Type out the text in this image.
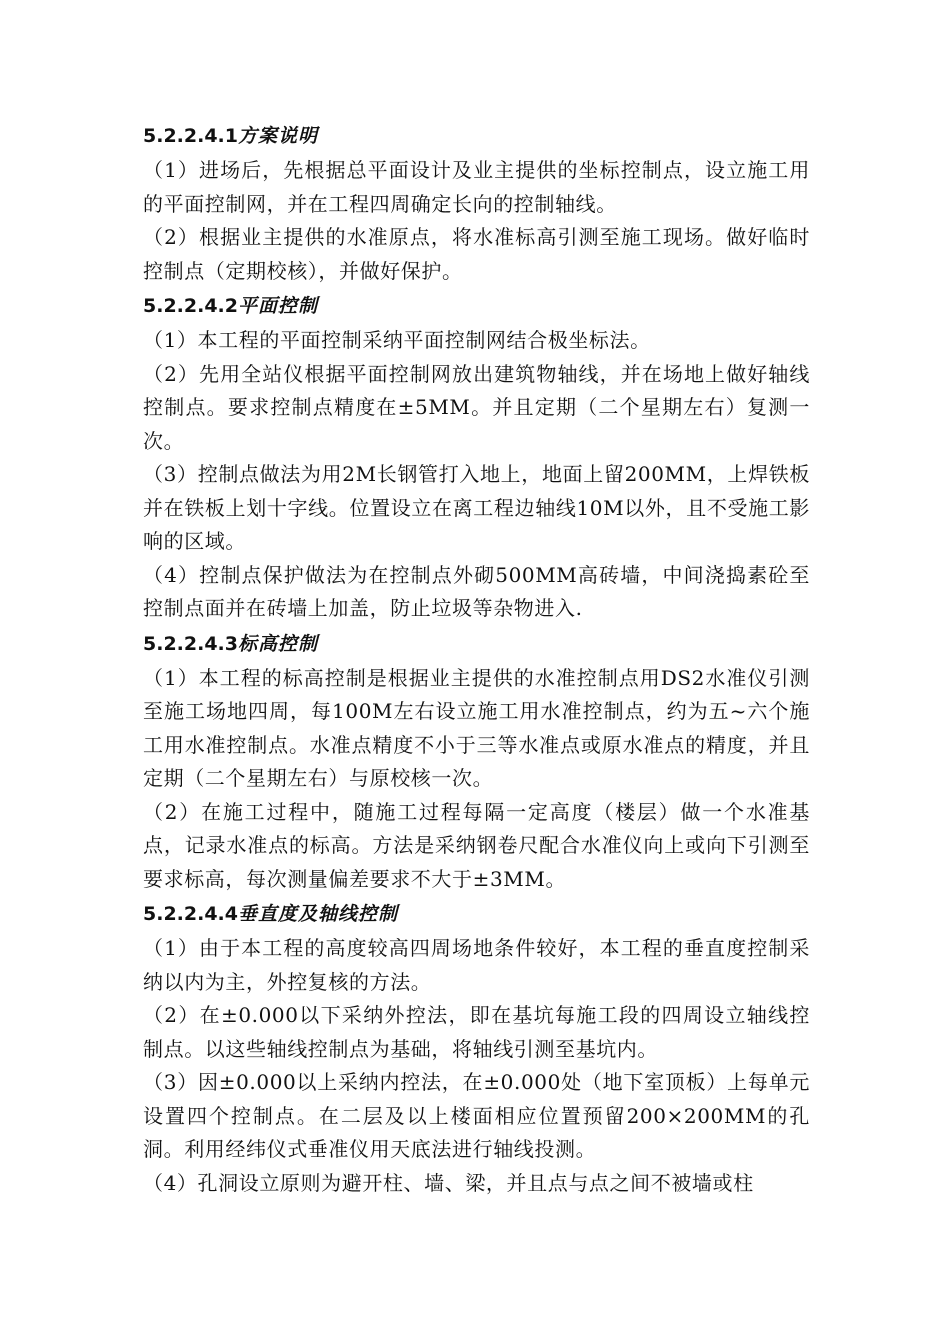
5.2.2.4.1方案说明

（1）进场后，先根据总平面设计及业主提供的坐标控制点，设立施工用的平面控制网，并在工程四周确定长向的控制轴线。

（2）根据业主提供的水准原点，将水准标高引测至施工现场。做好临时控制点（定期校核），并做好保护。

5.2.2.4.2平面控制

（1）本工程的平面控制采纳平面控制网结合极坐标法。

（2）先用全站仪根据平面控制网放出建筑物轴线，并在场地上做好轴线控制点。要求控制点精度在±5MM。并且定期（二个星期左右）复测一次。

（3）控制点做法为用2M长钢管打入地上，地面上留200MM，上焊铁板并在铁板上划十字线。位置设立在离工程边轴线10M以外，且不受施工影响的区域。

（4）控制点保护做法为在控制点外砌500MM高砖墙，中间浇捣素砼至控制点面并在砖墙上加盖，防止垃圾等杂物进入.

5.2.2.4.3标高控制

（1）本工程的标高控制是根据业主提供的水准控制点用DS2水准仪引测至施工场地四周，每100M左右设立施工用水准控制点，约为五~六个施工用水准控制点。水准点精度不小于三等水准点或原水准点的精度，并且定期（二个星期左右）与原校核一次。

（2）在施工过程中，随施工过程每隔一定高度（楼层）做一个水准基点，记录水准点的标高。方法是采纳钢卷尺配合水准仪向上或向下引测至要求标高，每次测量偏差要求不大于±3MM。

5.2.2.4.4垂直度及轴线控制

（1）由于本工程的高度较高四周场地条件较好，本工程的垂直度控制采纳以内为主，外控复核的方法。

（2）在±0.000以下采纳外控法，即在基坑每施工段的四周设立轴线控制点。以这些轴线控制点为基础，将轴线引测至基坑内。

（3）因±0.000以上采纳内控法，在±0.000处（地下室顶板）上每单元设置四个控制点。在二层及以上楼面相应位置预留200×200MM的孔洞。利用经纬仪式垂准仪用天底法进行轴线投测。

（4）孔洞设立原则为避开柱、墙、梁，并且点与点之间不被墙或柱
